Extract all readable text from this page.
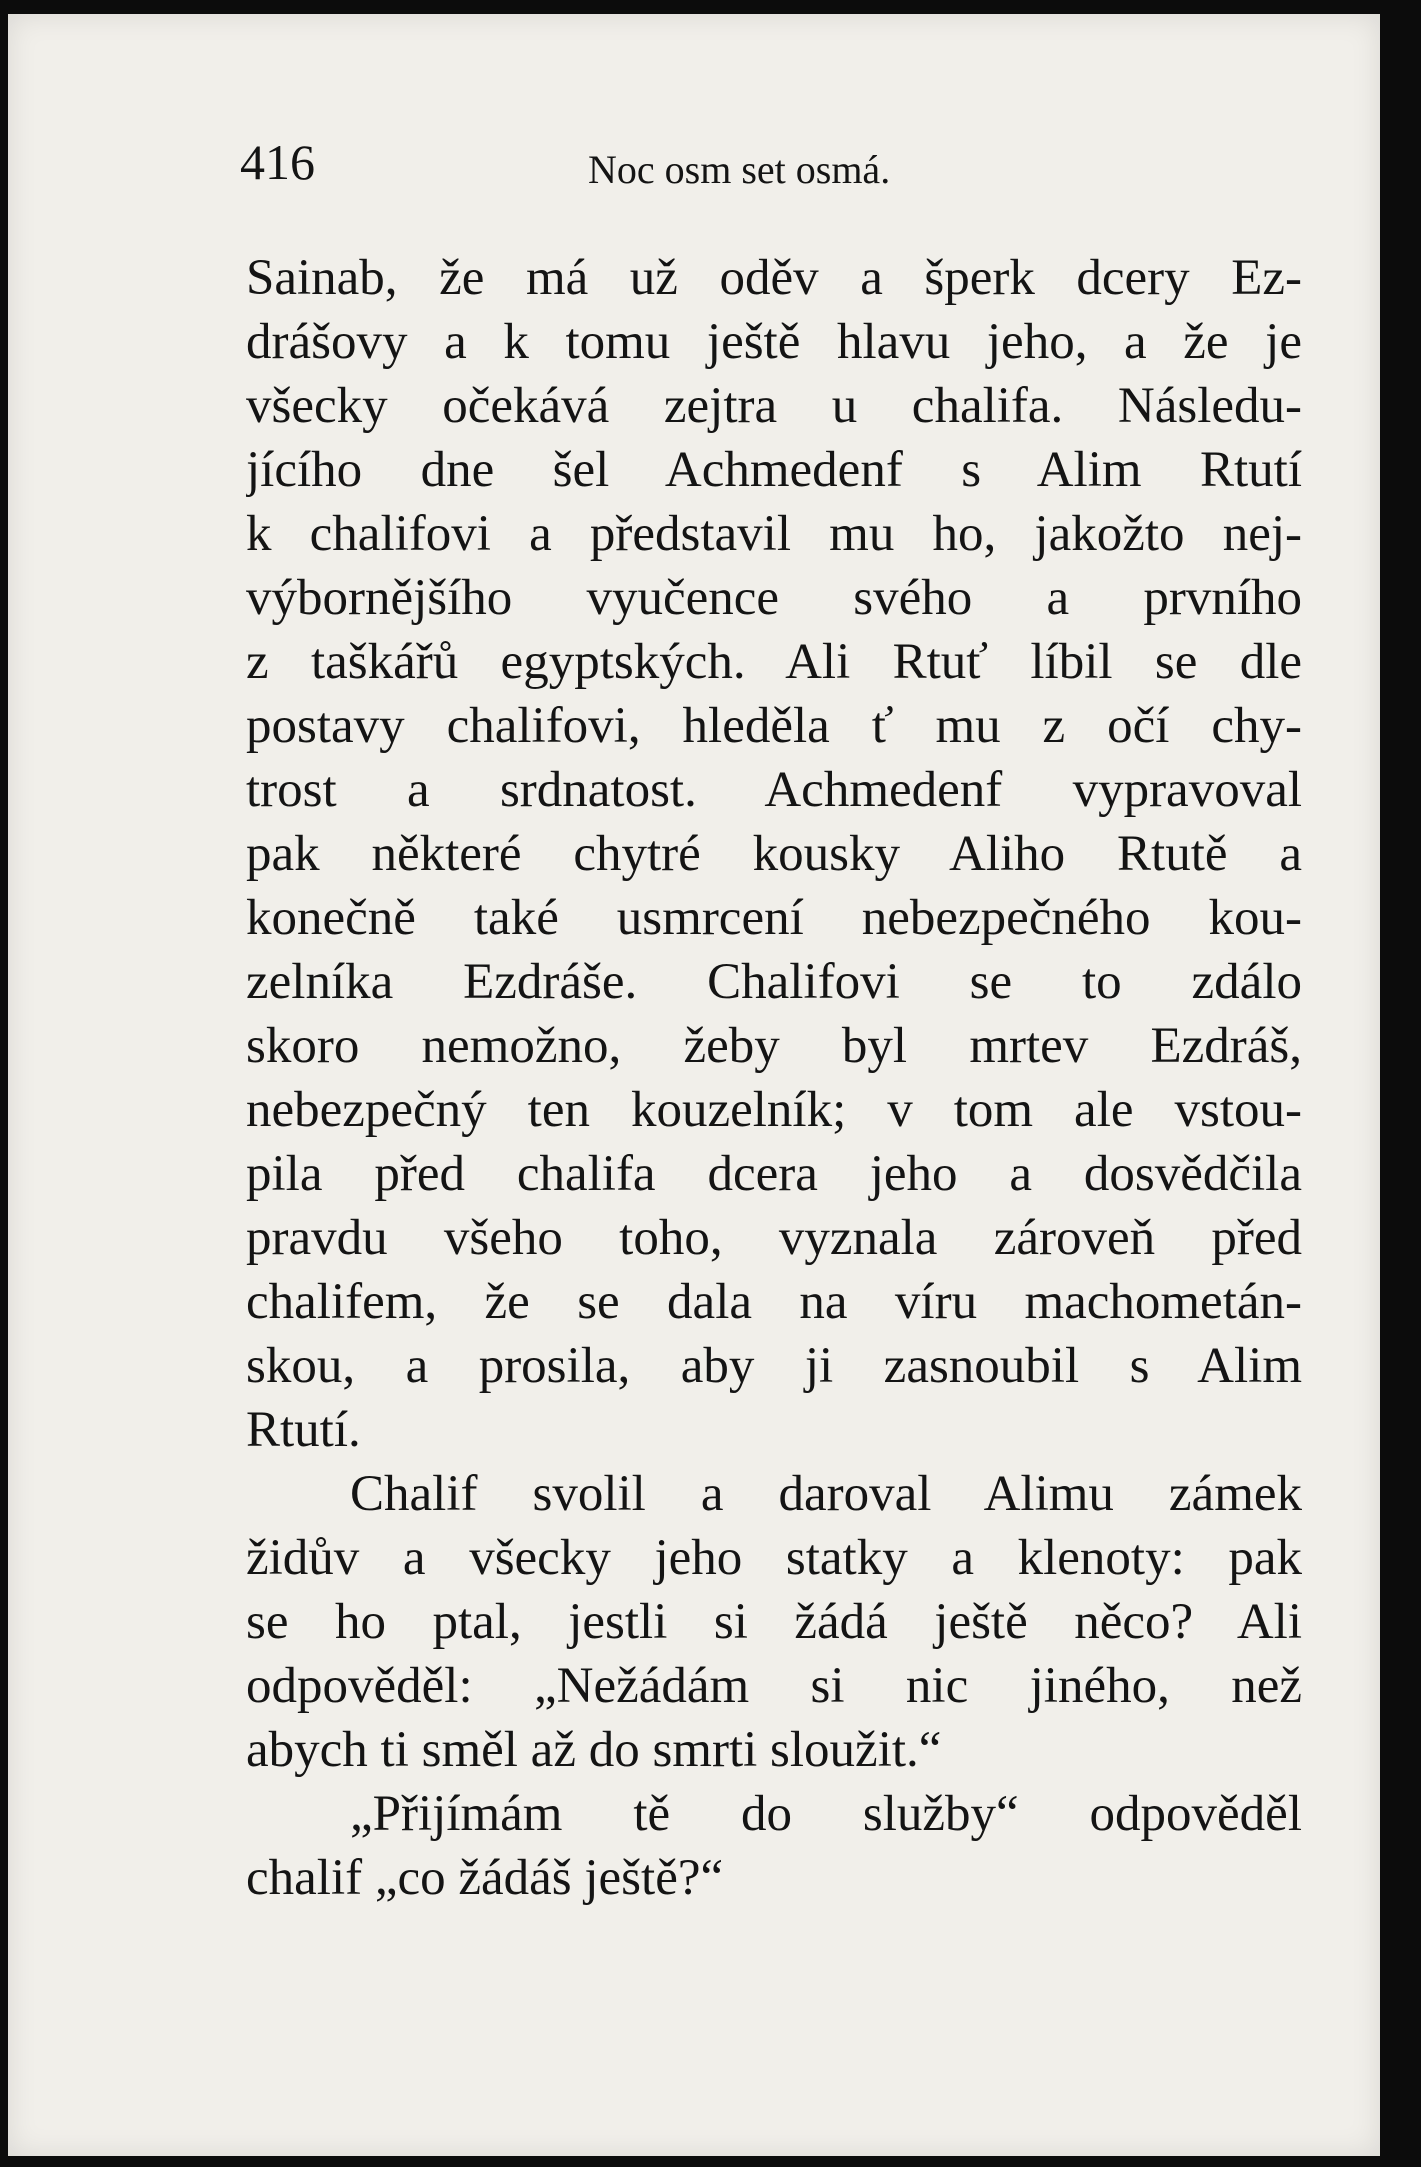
416	Noc osm set osmá.
Sainab, že má už oděv a šperk dcery Ez-
drášovy a k tomu ještě hlavu jeho, a že je
všecky očekává zejtra u chalifa. Následu-
jícího dne šel Achmedenf s Alim Rtutí
k chalifovi a představil mu ho, jakožto nej-
výbornějšího vyučence svého a prvního
z taškářů egyptských. Ali Rtuť líbil se dle
postavy chalifovi, hleděla ť mu z očí chy-
trost a srdnatost. Achmedenf vypravoval
pak některé chytré kousky Aliho Rtutě a
konečně také usmrcení nebezpečného kou-
zelníka Ezdráše. Chalifovi se to zdálo
skoro nemožno, žeby byl mrtev Ezdráš,
nebezpečný ten kouzelník; v tom ale vstou-
pila před chalifa dcera jeho a dosvědčila
pravdu všeho toho, vyznala zároveň před
chalifem, že se dala na víru machometán-
skou, a prosila, aby ji zasnoubil s Alim
Rtutí.
Chalif svolil a daroval Alimu zámek
židův a všecky jeho statky a klenoty: pak
se ho ptal, jestli si žádá ještě něco? Ali
odpověděl: „Nežádám si nic jiného, než
abych ti směl až do smrti sloužit.“
„Přijímám tě do služby“ odpověděl
chalif „co žádáš ještě?“
